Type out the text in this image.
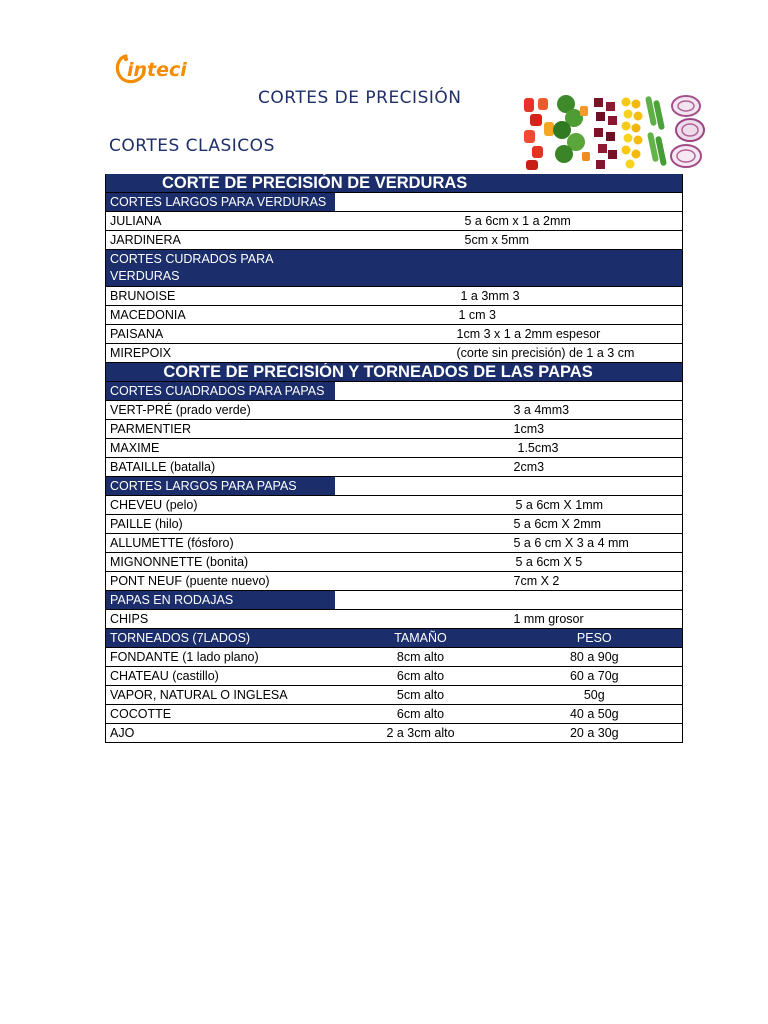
inteci
CORTES DE PRECISIÓN
CORTES CLASICOS
CORTE DE PRECISIÓN DE VERDURAS			
CORTES LARGOS PARA VERDURAS			
JULIANA		5 a 6cm x 1 a 2mm	
JARDINERA		5cm x 5mm	

CORTES CUDRADOS PARA VERDURAS			

BRUNOISE		1 a 3mm 3	
MACEDONIA		1 cm 3	
PAISANA		1cm 3 x 1 a 2mm espesor	
MIREPOIX		(corte sin precisión) de 1 a 3 cm	
CORTE DE PRECISIÓN Y TORNEADOS DE LAS PAPAS			
CORTES CUADRADOS PARA PAPAS			
VERT-PRÉ (prado verde)	3 a 4mm3		
PARMENTIER	1cm3		
MAXIME	1.5cm3		
BATAILLE (batalla)	2cm3		
CORTES LARGOS PARA PAPAS			
CHEVEU (pelo)	5 a 6cm X 1mm		
PAILLE (hilo)	5 a 6cm X 2mm		
ALLUMETTE (fósforo)	5 a 6 cm X 3 a 4 mm		
MIGNONNETTE (bonita)	5 a 6cm X 5		
PONT NEUF (puente nuevo)	7cm X 2		

PAPAS EN RODAJAS			

CHIPS	1 mm grosor		
TORNEADOS (7LADOS)	TAMAÑO		PESO
FONDANTE (1 lado plano)	8cm alto		80 a 90g
CHATEAU (castillo)	6cm alto		60 a 70g
VAPOR, NATURAL O INGLESA	5cm alto		50g
COCOTTE	6cm alto		40 a 50g
AJO	2 a 3cm alto		20 a 30g
